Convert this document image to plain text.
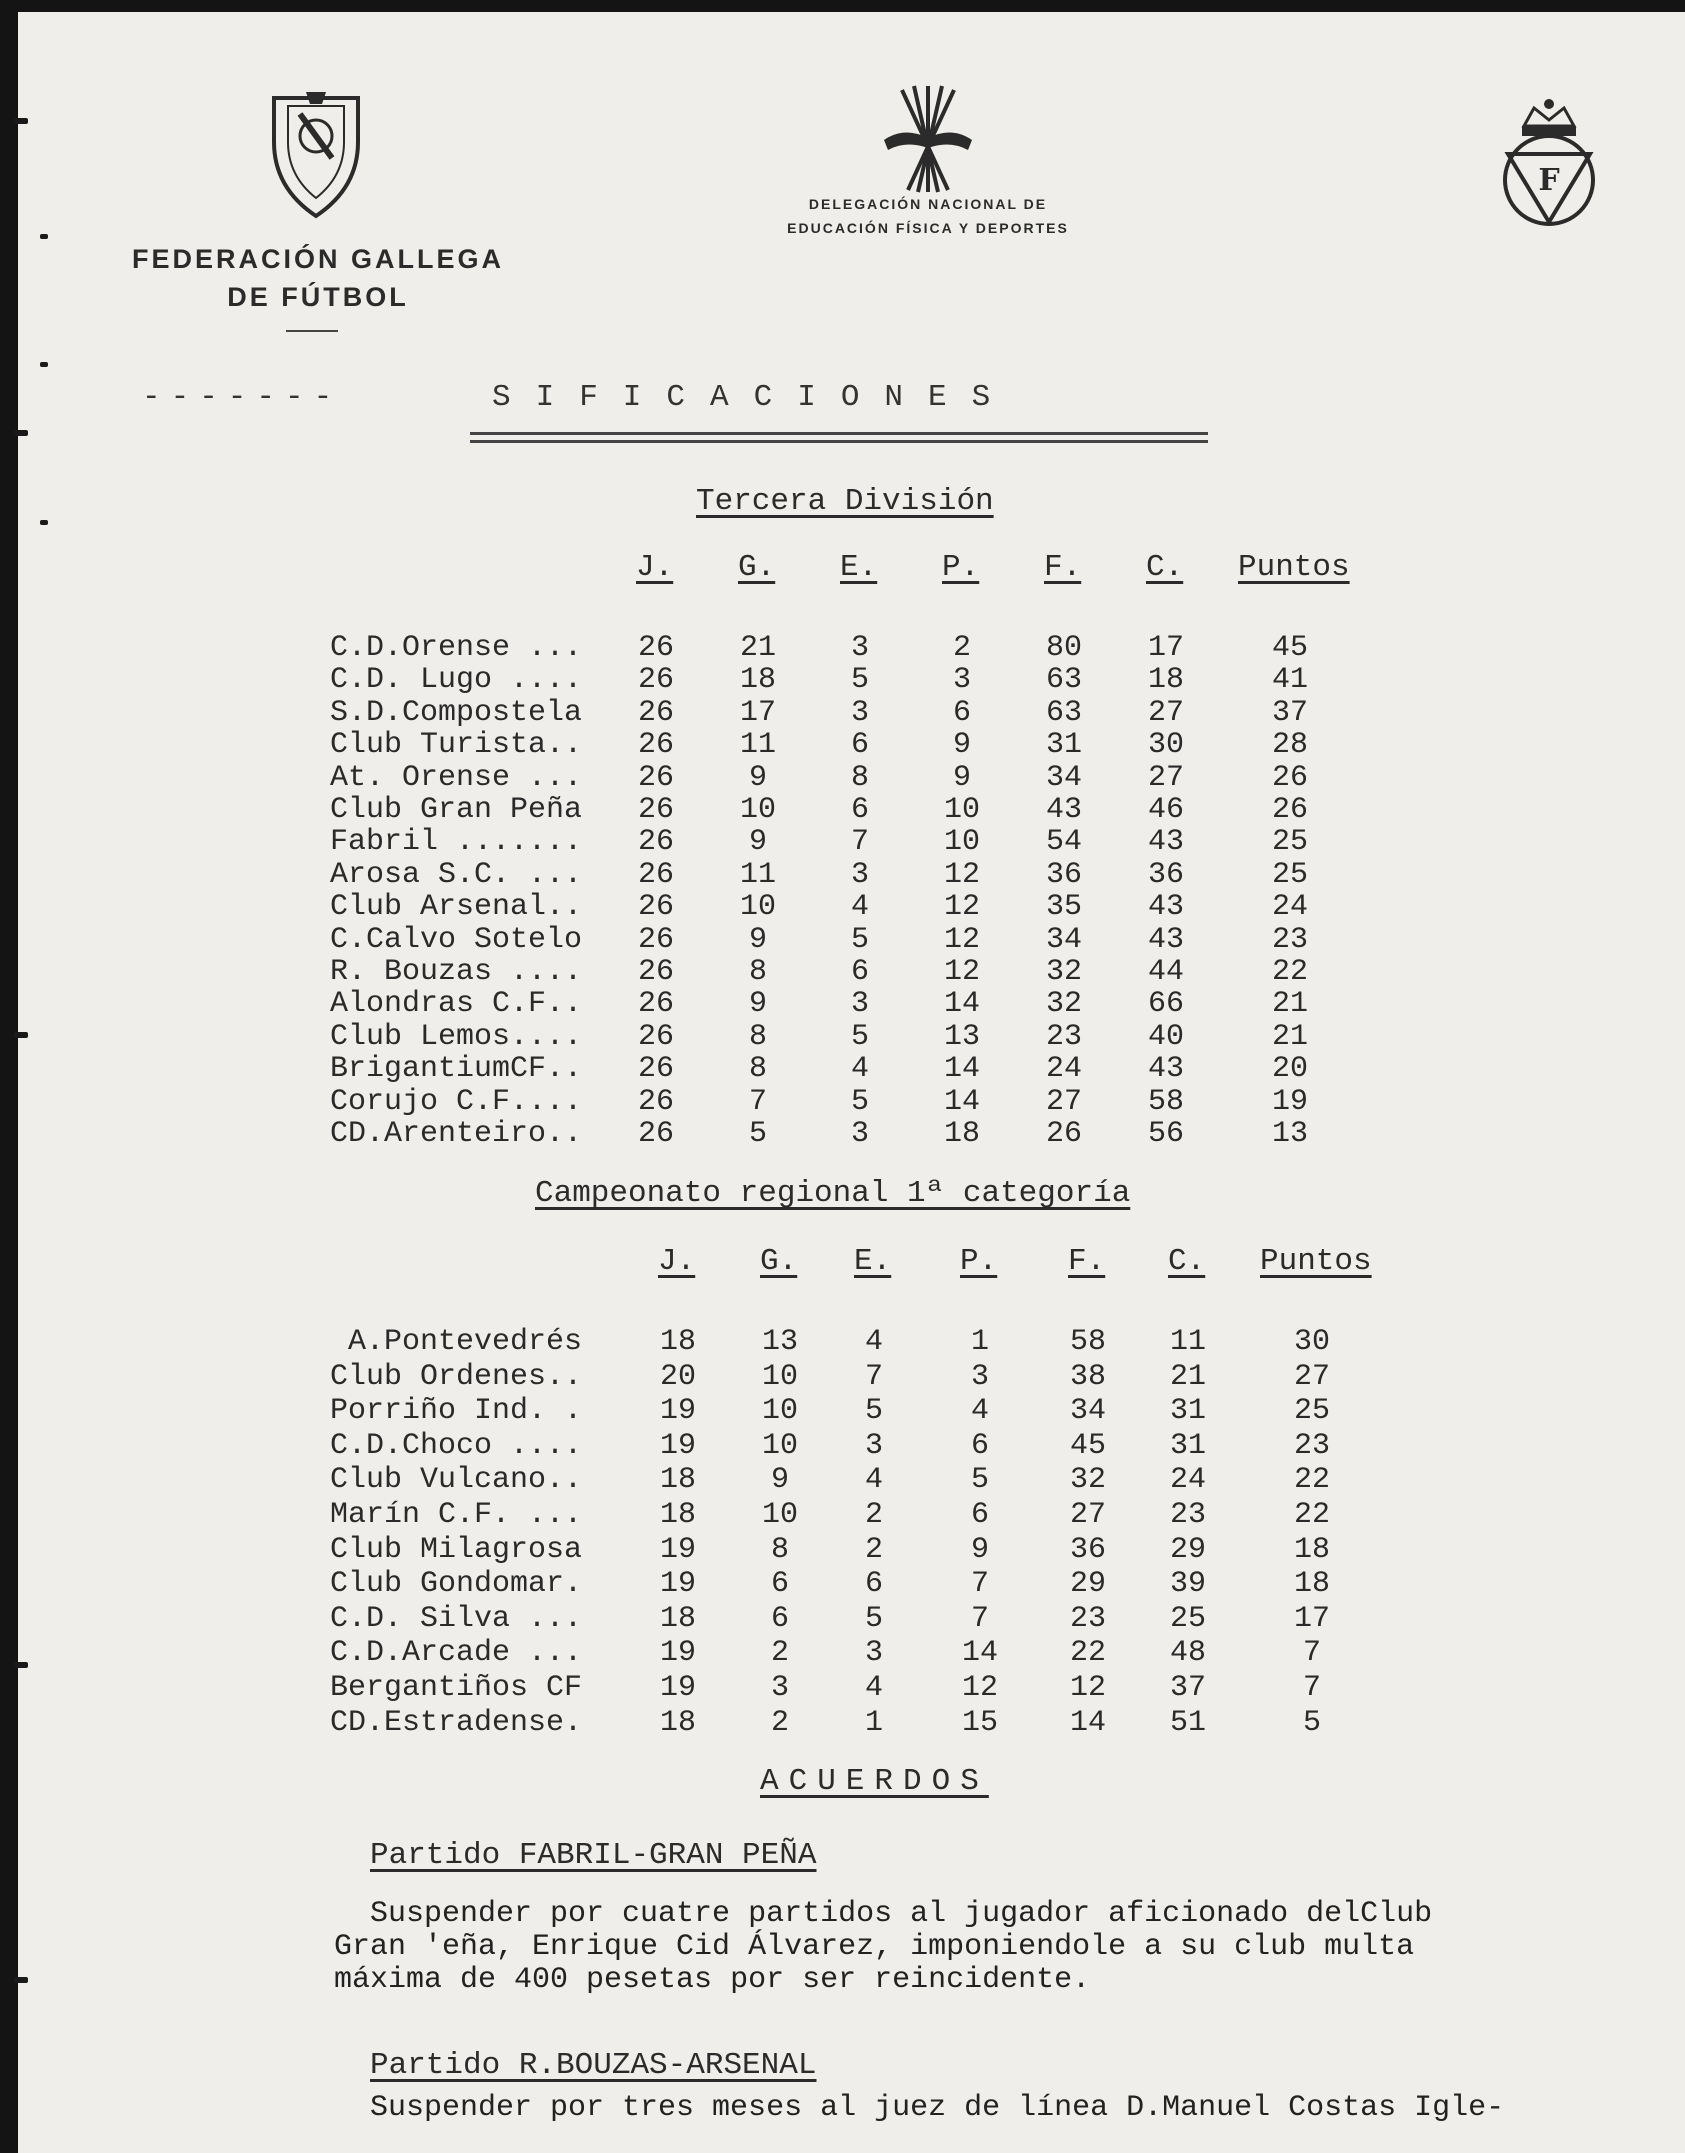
FEDERACIÓN GALLEGA
DE FÚTBOL
DELEGACIÓN NACIONAL DE
EDUCACIÓN FÍSICA Y DEPORTES
F
-------	SIFICACIONES
Tercera División
J. G. E. P. F. C. Puntos
C.D.Orense ...	26	21	3	2	80	17	45
C.D. Lugo ....	26	18	5	3	63	18	41
S.D.Compostela	26	17	3	6	63	27	37
Club Turista..	26	11	6	9	31	30	28
At. Orense ...	26	9	8	9	34	27	26
Club Gran Peña	26	10	6	10	43	46	26
Fabril .......	26	9	7	10	54	43	25
Arosa S.C. ...	26	11	3	12	36	36	25
Club Arsenal..	26	10	4	12	35	43	24
C.Calvo Sotelo	26	9	5	12	34	43	23
R. Bouzas ....	26	8	6	12	32	44	22
Alondras C.F..	26	9	3	14	32	66	21
Club Lemos....	26	8	5	13	23	40	21
BrigantiumCF..	26	8	4	14	24	43	20
Corujo C.F....	26	7	5	14	27	58	19
CD.Arenteiro..	26	5	3	18	26	56	13
Campeonato regional 1ª categoría
J. G. E. P. F. C. Puntos
A.Pontevedrés	18	13	4	1	58	11	30
Club Ordenes..	20	10	7	3	38	21	27
Porriño Ind. .	19	10	5	4	34	31	25
C.D.Choco ....	19	10	3	6	45	31	23
Club Vulcano..	18	9	4	5	32	24	22
Marín C.F. ...	18	10	2	6	27	23	22
Club Milagrosa	19	8	2	9	36	29	18
Club Gondomar.	19	6	6	7	29	39	18
C.D. Silva ...	18	6	5	7	23	25	17
C.D.Arcade ...	19	2	3	14	22	48	7
Bergantiños CF	19	3	4	12	12	37	7
CD.Estradense.	18	2	1	15	14	51	5
ACUERDOS
Partido FABRIL-GRAN PEÑA
Suspender por cuatre partidos al jugador aficionado delClub
Gran 'eña, Enrique Cid Álvarez, imponiendole a su club multa
máxima de 400 pesetas por ser reincidente.
Partido R.BOUZAS-ARSENAL
Suspender por tres meses al juez de línea D.Manuel Costas Igle-
